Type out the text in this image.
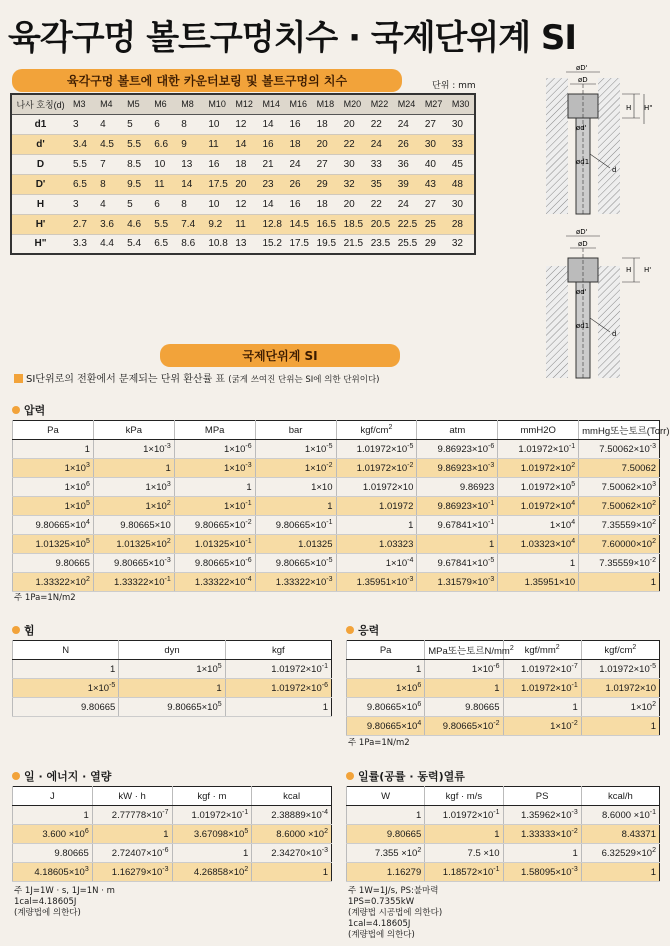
육각구멍 볼트구멍치수 · 국제단위계 SI
육각구멍 볼트에 대한 카운터보링 및 볼트구멍의 치수	단위 : mm
나사 호칭(d)	M3	M4	M5	M6	M8	M10	M12	M14	M16	M18	M20	M22	M24	M27	M30
d1	3	4	5	6	8	10	12	14	16	18	20	22	24	27	30
d'	3.4	4.5	5.5	6.6	9	11	14	16	18	20	22	24	26	30	33
D	5.5	7	8.5	10	13	16	18	21	24	27	30	33	36	40	45
D'	6.5	8	9.5	11	14	17.5	20	23	26	29	32	35	39	43	48
H	3	4	5	6	8	10	12	14	16	18	20	22	24	27	30
H'	2.7	3.6	4.6	5.5	7.4	9.2	11	12.8	14.5	16.5	18.5	20.5	22.5	25	28
H"	3.3	4.4	5.4	6.5	8.6	10.8	13	15.2	17.5	19.5	21.5	23.5	25.5	29	32
øD'
øD
H"
H
ød'
ød1
d
øD'
øD
H'
H
ød'
ød1
d
국제단위계 SI
SI단위로의 전환에서 문제되는 단위 환산률 표 (굵게 쓰여진 단위는 SI에 의한 단위이다)
압력
Pa	kPa	MPa	bar	kgf/$cm^2$	atm	mmH2O	mmHg또는토르(Torr)
1	$1\times 10^{-3}$	$1\times 10^{-6}$	$1\times 10^{-5}$	$1.01972\times 10^{-5}$	$9.86923\times 10^{-6}$	$1.01972\times 10^{-1}$	$7.50062\times 10^{-3}$
$1\times 10^3$	1	$1\times 10^{-3}$	$1\times 10^{-2}$	$1.01972\times 10^{-2}$	$9.86923\times 10^{-3}$	$1.01972\times 10^2$	7.50062
$1\times 10^6$	$1\times 10^3$	1	1×10	1.01972×10	9.86923	$1.01972\times 10^5$	$7.50062\times 10^3$
$1\times 10^5$	$1\times 10^2$	$1\times 10^{-1}$	1	1.01972	$9.86923\times 10^{-1}$	$1.01972\times 10^4$	$7.50062\times 10^2$
$9.80665\times 10^4$	9.80665×10	$9.80665\times 10^{-2}$	$9.80665\times 10^{-1}$	1	$9.67841\times 10^{-1}$	$1\times 10^4$	$7.35559\times 10^2$
$1.01325\times 10^5$	$1.01325\times 10^2$	$1.01325\times 10^{-1}$	1.01325	1.03323	1	$1.03323\times 10^4$	$7.60000\times 10^2$
9.80665	$9.80665\times 10^{-3}$	$9.80665\times 10^{-6}$	$9.80665\times 10^{-5}$	$1\times 10^{-4}$	$9.67841\times 10^{-5}$	1	$7.35559\times 10^{-2}$
$1.33322\times 10^2$	$1.33322\times 10^{-1}$	$1.33322\times 10^{-4}$	$1.33322\times 10^{-3}$	$1.35951\times 10^{-3}$	$1.31579\times 10^{-3}$	1.35951×10	1
주 1Pa=1N/m2
힘
N	dyn	kgf
1	$1\times 10^5$	$1.01972\times 10^{-1}$
$1\times 10^{-5}$	1	$1.01972\times 10^{-6}$
9.80665	$9.80665\times 10^5$	1
응력
Pa	MPa또는토르$N/mm^2$	kgf/$mm^2$	kgf/$cm^2$
1	$1\times 10^{-6}$	$1.01972\times 10^{-7}$	$1.01972\times 10^{-5}$
$1\times 10^6$	1	$1.01972\times 10^{-1}$	1.01972×10
$9.80665\times 10^6$	9.80665	1	$1\times 10^2$
$9.80665\times 10^4$	$9.80665\times 10^{-2}$	$1\times 10^{-2}$	1
주 1Pa=1N/m2
일 · 에너지 · 열량
J	kW · h	kgf · m	kcal
1	$2.77778\times 10^{-7}$	$1.01972\times 10^{-1}$	$2.38889\times 10^{-4}$
$3.600 \times 10^6$	1	$3.67098\times 10^5$	$8.6000 \times 10^2$
9.80665	$2.72407\times 10^{-6}$	1	$2.34270\times 10^{-3}$
$4.18605\times 10^3$	$1.16279\times 10^{-3}$	$4.26858\times 10^2$	1
주 1J=1W · s, 1J=1N · m
1cal=4.18605J
(계량법에 의한다)
일률(공률 · 동력)열류
W	kgf · m/s	PS	kcal/h
1	$1.01972\times 10^{-1}$	$1.35962\times 10^{-3}$	$8.6000 \times 10^{-1}$
9.80665	1	$1.33333\times 10^{-2}$	8.43371
$7.355 \times 10^2$	7.5 ×10	1	$6.32529\times 10^2$
1.16279	$1.18572\times 10^{-1}$	$1.58095\times 10^{-3}$	1
주 1W=1J/s, PS:불마력
1PS=0.7355kW
(계량법 시공법에 의한다)
1cal=4.18605J
(계량법에 의한다)
